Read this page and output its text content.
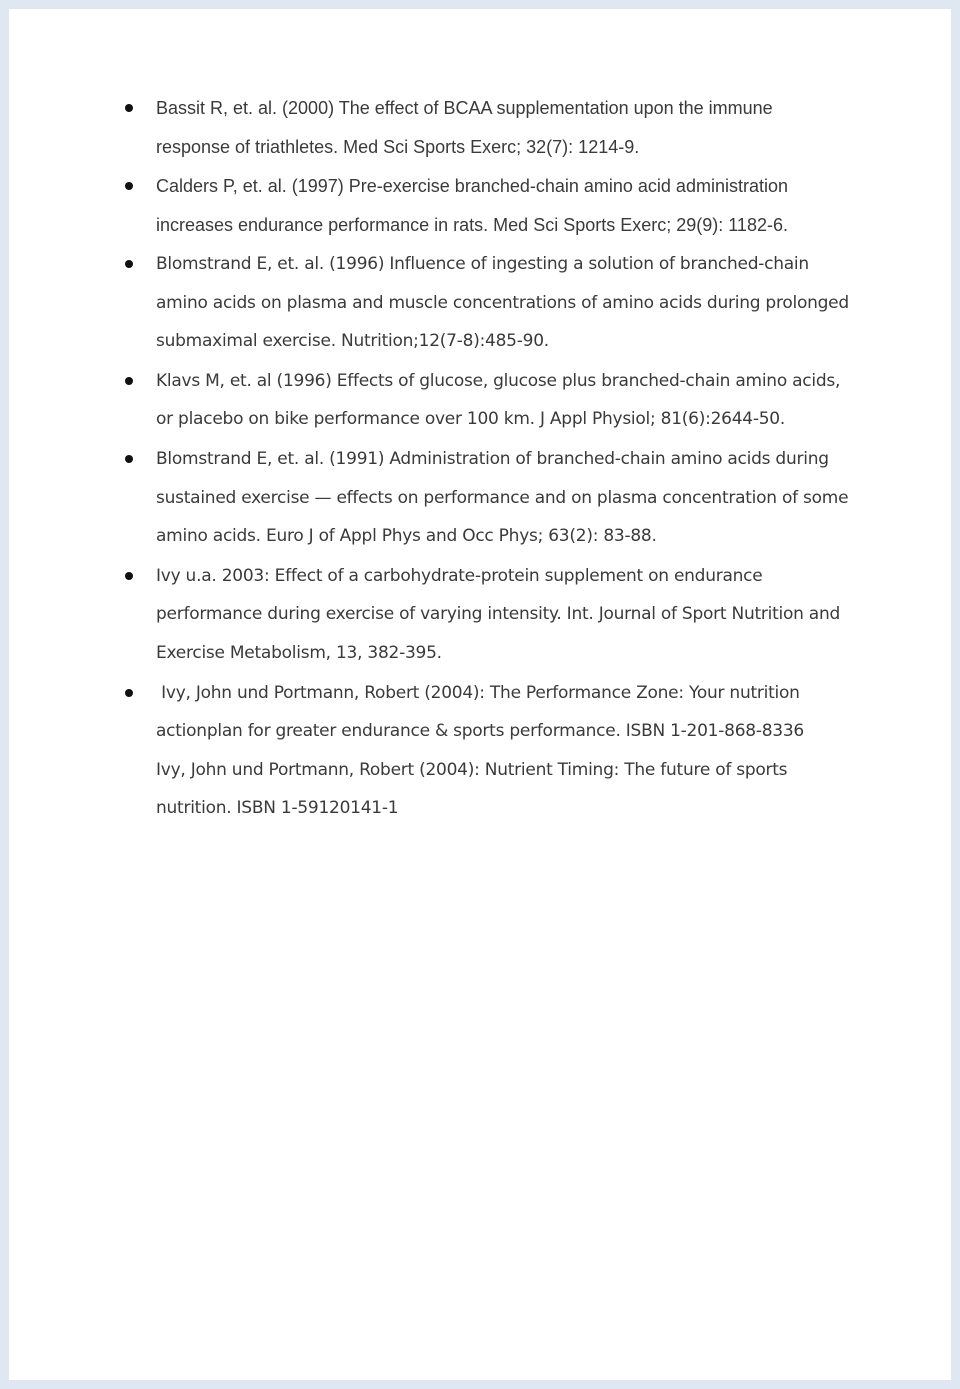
Bassit R, et. al. (2000) The effect of BCAA supplementation upon the immune
response of triathletes. Med Sci Sports Exerc; 32(7): 1214-9.
Calders P, et. al. (1997) Pre-exercise branched-chain amino acid administration
increases endurance performance in rats. Med Sci Sports Exerc; 29(9): 1182-6.
Blomstrand E, et. al. (1996) Influence of ingesting a solution of branched-chain
amino acids on plasma and muscle concentrations of amino acids during prolonged
submaximal exercise. Nutrition;12(7-8):485-90.
Klavs M, et. al (1996) Effects of glucose, glucose plus branched-chain amino acids,
or placebo on bike performance over 100 km. J Appl Physiol; 81(6):2644-50.
Blomstrand E, et. al. (1991) Administration of branched-chain amino acids during
sustained exercise — effects on performance and on plasma concentration of some
amino acids. Euro J of Appl Phys and Occ Phys; 63(2): 83-88.
Ivy u.a. 2003: Effect of a carbohydrate-protein supplement on endurance
performance during exercise of varying intensity. Int. Journal of Sport Nutrition and
Exercise Metabolism, 13, 382-395.
Ivy, John und Portmann, Robert (2004): The Performance Zone: Your nutrition
actionplan for greater endurance & sports performance. ISBN 1-201-868-8336
Ivy, John und Portmann, Robert (2004): Nutrient Timing: The future of sports
nutrition. ISBN 1-59120141-1
